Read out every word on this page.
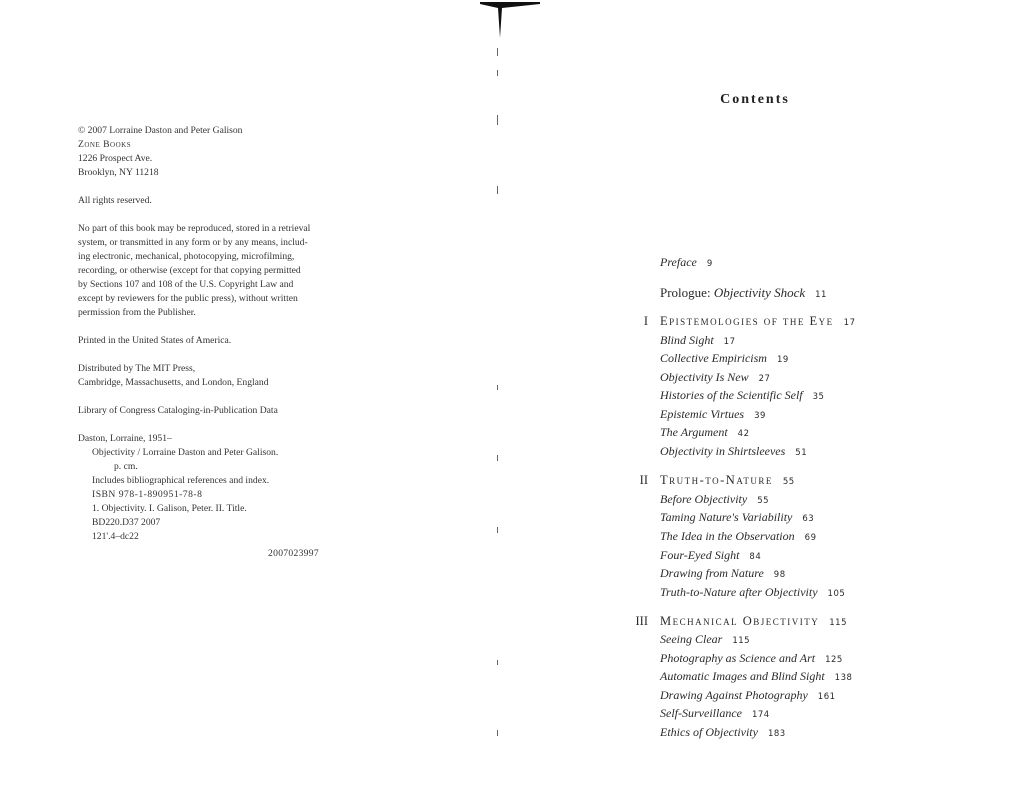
© 2007 Lorraine Daston and Peter Galison
Zone Books
1226 Prospect Ave.
Brooklyn, NY 11218
All rights reserved.
No part of this book may be reproduced, stored in a retrieval
system, or transmitted in any form or by any means, includ-
ing electronic, mechanical, photocopying, microfilming,
recording, or otherwise (except for that copying permitted
by Sections 107 and 108 of the U.S. Copyright Law and
except by reviewers for the public press), without written
permission from the Publisher.
Printed in the United States of America.
Distributed by The MIT Press,
Cambridge, Massachusetts, and London, England
Library of Congress Cataloging-in-Publication Data
Daston, Lorraine, 1951–
Objectivity / Lorraine Daston and Peter Galison.
p. cm.
Includes bibliographical references and index.
ISBN 978-1-890951-78-8
1. Objectivity. I. Galison, Peter. II. Title.
BD220.D37 2007
121'.4–dc22
2007023997
Contents
Preface 9
Prologue: Objectivity Shock 11
I Epistemologies of the Eye 17
Blind Sight 17
Collective Empiricism 19
Objectivity Is New 27
Histories of the Scientific Self 35
Epistemic Virtues 39
The Argument 42
Objectivity in Shirtsleeves 51
II Truth-to-Nature 55
Before Objectivity 55
Taming Nature's Variability 63
The Idea in the Observation 69
Four-Eyed Sight 84
Drawing from Nature 98
Truth-to-Nature after Objectivity 105
III Mechanical Objectivity 115
Seeing Clear 115
Photography as Science and Art 125
Automatic Images and Blind Sight 138
Drawing Against Photography 161
Self-Surveillance 174
Ethics of Objectivity 183
